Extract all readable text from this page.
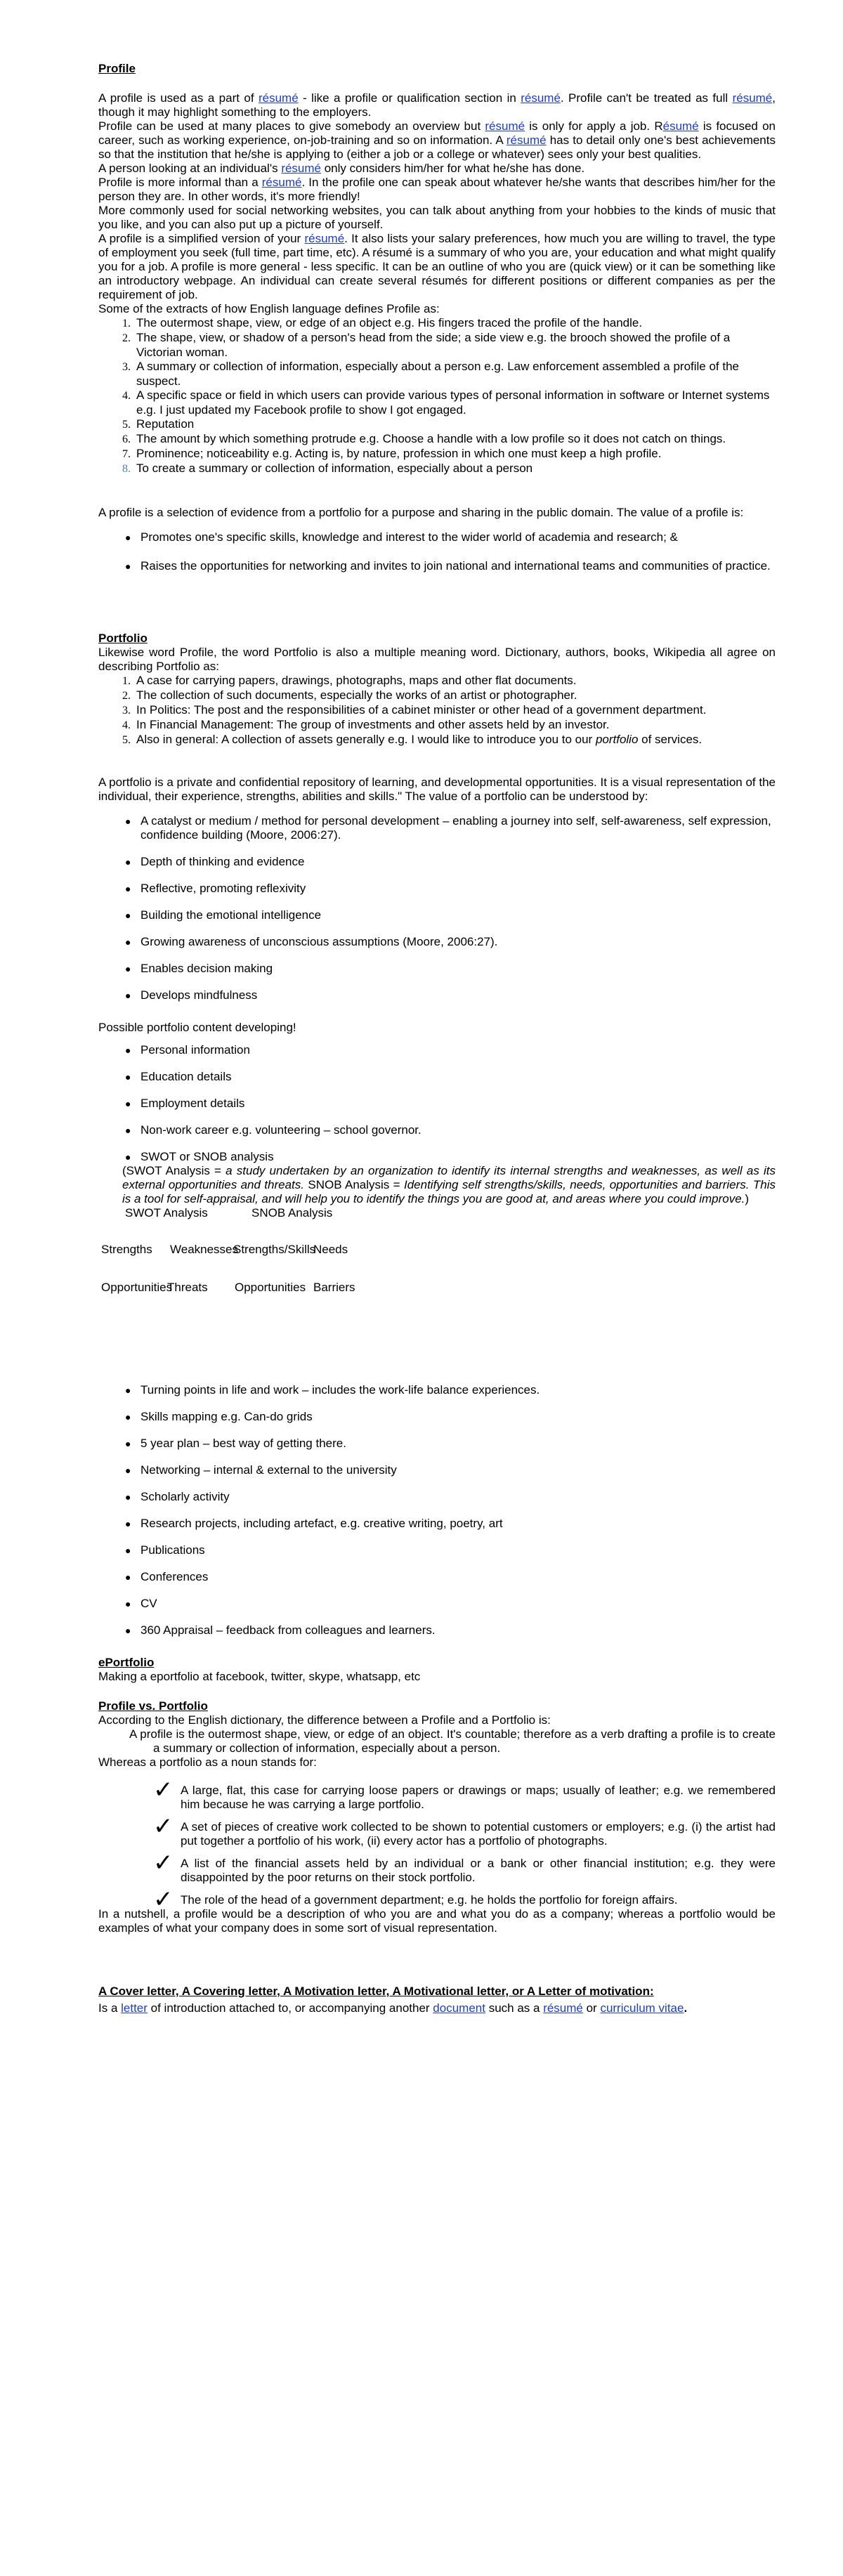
Profile

A profile is used as a part of résumé - like a profile or qualification section in résumé. Profile can't be treated as full résumé, though it may highlight something to the employers.

Profile can be used at many places to give somebody an overview but résumé is only for apply a job. Résumé is focused on career, such as working experience, on-job-training and so on information. A résumé has to detail only one's best achievements so that the institution that he/she is applying to (either a job or a college or whatever) sees only your best qualities.

A person looking at an individual's résumé only considers him/her for what he/she has done.

Profile is more informal than a résumé. In the profile one can speak about whatever he/she wants that describes him/her for the person they are. In other words, it's more friendly!

More commonly used for social networking websites, you can talk about anything from your hobbies to the kinds of music that you like, and you can also put up a picture of yourself.

A profile is a simplified version of your résumé. It also lists your salary preferences, how much you are willing to travel, the type of employment you seek (full time, part time, etc). A résumé is a summary of who you are, your education and what might qualify you for a job. A profile is more general - less specific. It can be an outline of who you are (quick view) or it can be something like an introductory webpage. An individual can create several résumés for different positions or different companies as per the requirement of job.

Some of the extracts of how English language defines Profile as:

1. The outermost shape, view, or edge of an object e.g. His fingers traced the profile of the handle.
2. The shape, view, or shadow of a person's head from the side; a side view e.g. the brooch showed the profile of a Victorian woman.
3. A summary or collection of information, especially about a person e.g. Law enforcement assembled a profile of the suspect.
4. A specific space or field in which users can provide various types of personal information in software or Internet systems e.g. I just updated my Facebook profile to show I got engaged.
5. Reputation
6. The amount by which something protrude e.g. Choose a handle with a low profile so it does not catch on things.
7. Prominence; noticeability e.g. Acting is, by nature, profession in which one must keep a high profile.
8. To create a summary or collection of information, especially about a person

A profile is a selection of evidence from a portfolio for a purpose and sharing in the public domain. The value of a profile is:

● Promotes one's specific skills, knowledge and interest to the wider world of academia and research; &
● Raises the opportunities for networking and invites to join national and international teams and communities of practice.

Portfolio

Likewise word Profile, the word Portfolio is also a multiple meaning word. Dictionary, authors, books, Wikipedia all agree on describing Portfolio as:

1. A case for carrying papers, drawings, photographs, maps and other flat documents.
2. The collection of such documents, especially the works of an artist or photographer.
3. In Politics: The post and the responsibilities of a cabinet minister or other head of a government department.
4. In Financial Management: The group of investments and other assets held by an investor.
5. Also in general: A collection of assets generally e.g. I would like to introduce you to our portfolio of services.

A portfolio is a private and confidential repository of learning, and developmental opportunities. It is a visual representation of the individual, their experience, strengths, abilities and skills." The value of a portfolio can be understood by:

● A catalyst or medium / method for personal development – enabling a journey into self, self-awareness, self expression, confidence building (Moore, 2006:27).
● Depth of thinking and evidence
● Reflective, promoting reflexivity
● Building the emotional intelligence
● Growing awareness of unconscious assumptions (Moore, 2006:27).
● Enables decision making
● Develops mindfulness

Possible portfolio content developing!

● Personal information
● Education details
● Employment details
● Non-work career e.g. volunteering – school governor.
● SWOT or SNOB analysis

(SWOT Analysis = a study undertaken by an organization to identify its internal strengths and weaknesses, as well as its external opportunities and threats. SNOB Analysis = Identifying self strengths/skills, needs, opportunities and barriers. This is a tool for self-appraisal, and will help you to identify the things you are good at, and areas where you could improve.)

SWOT Analysis	SNOB Analysis
Strengths Weaknesses
Strengths/Skills
Needs
Opportunities
Threats Opportunities Barriers
● Turning points in life and work – includes the work-life balance experiences.
● Skills mapping e.g. Can-do grids
● 5 year plan – best way of getting there.
● Networking – internal & external to the university
● Scholarly activity
● Research projects, including artefact, e.g. creative writing, poetry, art
● Publications
● Conferences
● CV
● 360 Appraisal – feedback from colleagues and learners.

ePortfolio

Making a eportfolio at facebook, twitter, skype, whatsapp, etc

Profile vs. Portfolio

According to the English dictionary, the difference between a Profile and a Portfolio is:

A profile is the outermost shape, view, or edge of an object. It's countable; therefore as a verb drafting a profile is to create a summary or collection of information, especially about a person.

Whereas a portfolio as a noun stands for:

✓ A large, flat, this case for carrying loose papers or drawings or maps; usually of leather; e.g. we remembered him because he was carrying a large portfolio.
✓ A set of pieces of creative work collected to be shown to potential customers or employers; e.g. (i) the artist had put together a portfolio of his work, (ii) every actor has a portfolio of photographs.
✓ A list of the financial assets held by an individual or a bank or other financial institution; e.g. they were disappointed by the poor returns on their stock portfolio.
✓ The role of the head of a government department; e.g. he holds the portfolio for foreign affairs.

In a nutshell, a profile would be a description of who you are and what you do as a company; whereas a portfolio would be examples of what your company does in some sort of visual representation.

A Cover letter, A Covering letter, A Motivation letter, A Motivational letter, or A Letter of motivation:

Is a letter of introduction attached to, or accompanying another document such as a résumé or curriculum vitae.
